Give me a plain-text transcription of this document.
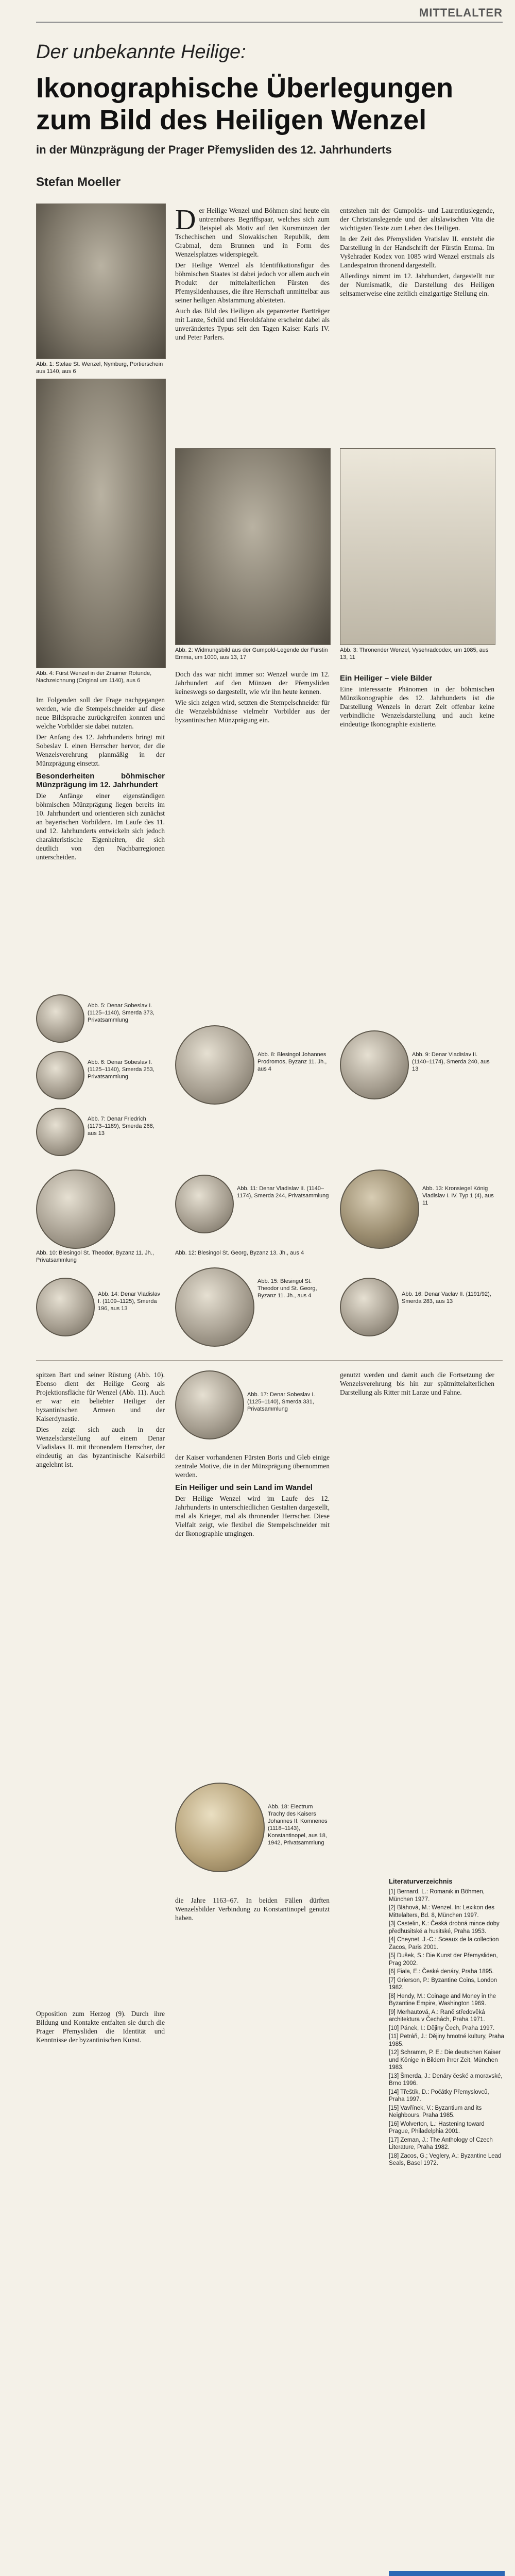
MITTELALTER
Der unbekannte Heilige:
Ikonographische Überlegungen zum Bild des Heiligen Wenzel
in der Münzprägung der Prager Přemysliden des 12. Jahrhunderts
Stefan Moeller
Abb. 1: Stelae St. Wenzel, Nymburg, Portierschein aus 1140, aus 6

Der Heilige Wenzel und Böhmen sind heute ein untrennbares Begriffspaar, welches sich zum Beispiel als Motiv auf den Kursmünzen der Tschechischen und Slowakischen Republik, dem Grabmal, dem Brunnen und in Form des Wenzelsplatzes widerspiegelt.

Der Heilige Wenzel als Identifikationsfigur des böhmischen Staates ist dabei jedoch vor allem auch ein Produkt der mittelalterlichen Fürsten des Přemyslidenhauses, die ihre Herrschaft unmittelbar aus seiner heiligen Abstammung ableiteten.

Auch das Bild des Heiligen als gepanzerter Bartträger mit Lanze, Schild und Heroldsfahne erscheint dabei als unverändertes Typus seit den Tagen Kaiser Karls IV. und Peter Parlers.

entstehen mit der Gumpolds- und Laurentiuslegende, der Christianslegende und der altslawischen Vita die wichtigsten Texte zum Leben des Heiligen.

In der Zeit des Přemysliden Vratislav II. entsteht die Darstellung in der Handschrift der Fürstin Emma. Im Vyšehrader Kodex von 1085 wird Wenzel erstmals als Landespatron thronend dargestellt.

Allerdings nimmt im 12. Jahrhundert, dargestellt nur der Numismatik, die Darstellung des Heiligen seltsamerweise eine zeitlich einzigartige Stellung ein.

Abb. 2: Widmungsbild aus der Gumpold-Legende der Fürstin Emma, um 1000, aus 13, 17
Abb. 3: Thronender Wenzel, Vysehradcodex, um 1085, aus 13, 11
Abb. 4: Fürst Wenzel in der Znaimer Rotunde, Nachzeichnung (Original um 1140), aus 6

Im Folgenden soll der Frage nachgegangen werden, wie die Stempelschneider auf diese neue Bildsprache zurückgreifen konnten und welche Vorbilder sie dabei nutzten.

Der Anfang des 12. Jahrhunderts bringt mit Sobeslav I. einen Herrscher hervor, der die Wenzelsverehrung planmäßig in der Münzprägung einsetzt.

Besonderheiten böhmischer Münzprägung im 12. Jahrhundert

Die Anfänge einer eigenständigen böhmischen Münzprägung liegen bereits im 10. Jahrhundert und orientieren sich zunächst an bayerischen Vorbildern. Im Laufe des 11. und 12. Jahrhunderts entwickeln sich jedoch charakteristische Eigenheiten, die sich deutlich von den Nachbarregionen unterscheiden.

Doch das war nicht immer so: Wenzel wurde im 12. Jahrhundert auf den Münzen der Přemysliden keineswegs so dargestellt, wie wir ihn heute kennen.

Wie sich zeigen wird, setzten die Stempelschneider für die Wenzelsbildnisse vielmehr Vorbilder aus der byzantinischen Münzprägung ein.

Ein Heiliger – viele Bilder

Eine interessante Phänomen in der böhmischen Münzikonographie des 12. Jahrhunderts ist die Darstellung Wenzels in derart Zeit offenbar keine verbindliche Wenzelsdarstellung und auch keine eindeutige Ikonographie existierte.

Abb. 5: Denar Sobeslav I. (1125–1140), Smerda 373, Privatsammlung
Abb. 6: Denar Sobeslav I. (1125–1140), Smerda 253, Privatsammlung
Abb. 7: Denar Friedrich (1173–1189), Smerda 268, aus 13
Abb. 8: Blesingol Johannes Prodromos, Byzanz 11. Jh., aus 4
Abb. 9: Denar Vladislav II. (1140–1174), Smerda 240, aus 13
Abb. 10: Blesingol St. Theodor, Byzanz 11. Jh., Privatsammlung
Abb. 11: Denar Vladislav II. (1140–1174), Smerda 244, Privatsammlung
Abb. 12: Blesingol St. Georg, Byzanz 13. Jh., aus 4
Abb. 13: Kronsiegel König Vladislav I. IV. Typ 1 (4), aus 11
Abb. 14: Denar Vladislav I. (1109–1125), Smerda 196, aus 13
Abb. 15: Blesingol St. Theodor und St. Georg, Byzanz 11. Jh., aus 4	Abb. 16: Denar Vaclav II. (1191/92), Smerda 283, aus 13

spitzen Bart und seiner Rüstung (Abb. 10). Ebenso dient der Heilige Georg als Projektionsfläche für Wenzel (Abb. 11). Auch er war ein beliebter Heiliger der byzantinischen Armeen und der Kaiserdynastie.

Dies zeigt sich auch in der Wenzelsdarstellung auf einem Denar Vladislavs II. mit thronendem Herrscher, der eindeutig an das byzantinische Kaiserbild angelehnt ist.

Abb. 17: Denar Sobeslav I. (1125–1140), Smerda 331, Privatsammlung

der Kaiser vorhandenen Fürsten Boris und Gleb einige zentrale Motive, die in der Münzprägung übernommen werden.

Ein Heiliger und sein Land im Wandel

Der Heilige Wenzel wird im Laufe des 12. Jahrhunderts in unterschiedlichen Gestalten dargestellt, mal als Krieger, mal als thronender Herrscher. Diese Vielfalt zeigt, wie flexibel die Stempelschneider mit der Ikonographie umgingen.

genutzt werden und damit auch die Fortsetzung der Wenzelsverehrung bis hin zur spätmittelalterlichen Darstellung als Ritter mit Lanze und Fahne.

Abb. 18: Electrum Trachy des Kaisers Johannes II. Komnenos (1118–1143), Konstantinopel, aus 18, 1942, Privatsammlung

Opposition zum Herzog (9). Durch ihre Bildung und Kontakte entfalten sie durch die Prager Přemysliden die Identität und Kenntnisse der byzantinischen Kunst.

die Jahre 1163–67. In beiden Fällen dürften Wenzelsbilder Verbindung zu Konstantinopel genutzt haben.

Literaturverzeichnis
[1] Bernard, L.: Romanik in Böhmen, München 1977.
[2] Bláhová, M.: Wenzel. In: Lexikon des Mittelalters, Bd. 8, München 1997.
[3] Castelin, K.: Česká drobná mince doby předhusitské a husitské, Praha 1953.
[4] Cheynet, J.-C.: Sceaux de la collection Zacos, Paris 2001.
[5] Dušek, S.: Die Kunst der Přemysliden, Prag 2002.
[6] Fiala, E.: České denáry, Praha 1895.
[7] Grierson, P.: Byzantine Coins, London 1982.
[8] Hendy, M.: Coinage and Money in the Byzantine Empire, Washington 1969.
[9] Merhautová, A.: Raně středověká architektura v Čechách, Praha 1971.
[10] Pánek, I.: Dějiny Čech, Praha 1997.
[11] Petráň, J.: Dějiny hmotné kultury, Praha 1985.
[12] Schramm, P. E.: Die deutschen Kaiser und Könige in Bildern ihrer Zeit, München 1983.
[13] Šmerda, J.: Denáry české a moravské, Brno 1996.
[14] Třeštík, D.: Počátky Přemyslovců, Praha 1997.
[15] Vavřínek, V.: Byzantium and its Neighbours, Praha 1985.
[16] Wolverton, L.: Hastening toward Prague, Philadelphia 2001.
[17] Zeman, J.: The Anthology of Czech Literature, Praha 1982.
[18] Zacos, G.; Veglery, A.: Byzantine Lead Seals, Basel 1972.
